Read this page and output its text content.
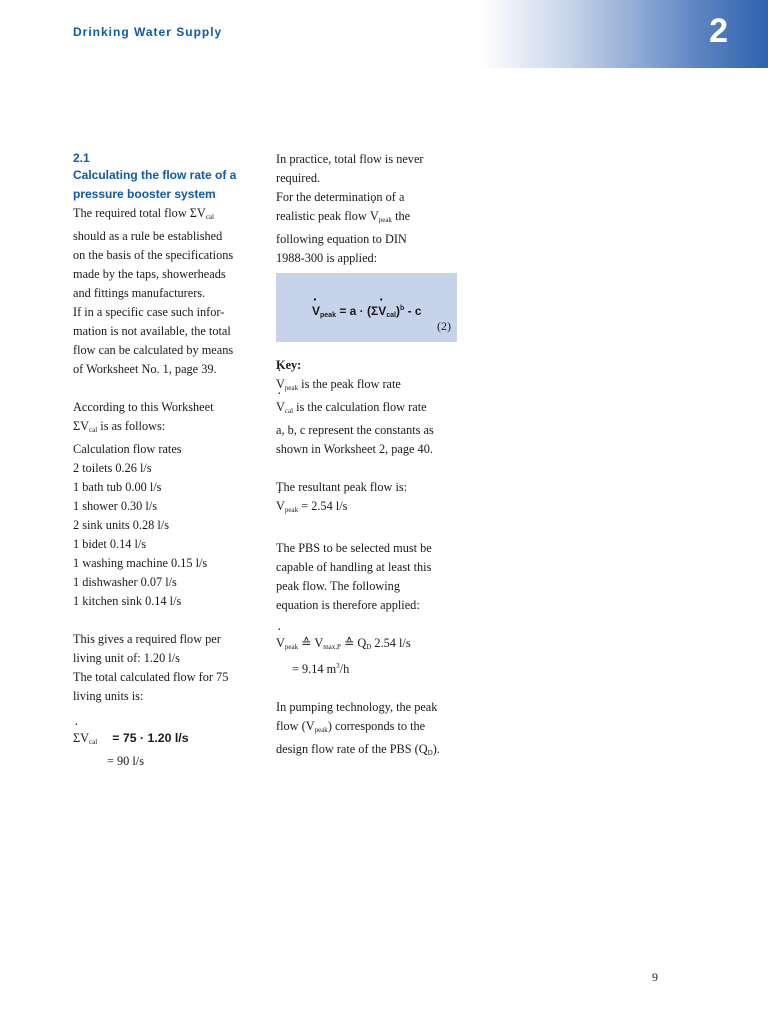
2
Drinking Water Supply
2.1
Calculating the flow rate of a
pressure booster system
The required total flow $\Sigma V_{cal}$
should as a rule be established
on the basis of the specifications
made by the taps, showerheads
and fittings manufacturers.
If in a specific case such infor-
mation is not available, the total
flow can be calculated by means
of Worksheet No. 1, page 39.
According to this Worksheet
$\Sigma V_{cal}$ is as follows:
Calculation flow rates
2 toilets 0.26 l/s
1 bath tub 0.00 l/s
1 shower 0.30 l/s
2 sink units 0.28 l/s
1 bidet 0.14 l/s
1 washing machine 0.15 l/s
1 dishwasher 0.07 l/s
1 kitchen sink 0.14 l/s
This gives a required flow per
living unit of: 1.20 l/s
The total calculated flow for 75
living units is:
· $\Sigma V_{cal} = 75 \cdot 1.20$ l/s
= 90 l/s
In practice, total flow is never
required.
For the determination of a
realistic peak flow · $V_{peak}$ the
following equation to DIN
1988-300 is applied:
· $V_{peak} = a \cdot (\Sigma\cdot V_{cal})^b - c$
(2)
Key:
· $V_{peak}$ is the peak flow rate
· $V_{cal}$ is the calculation flow rate
a, b, c represent the constants as
shown in Worksheet 2, page 40.
The resultant peak flow is:
· $V_{peak} = 2.54$ l/s
The PBS to be selected must be
capable of handling at least this
peak flow. The following
equation is therefore applied:
· $V_{peak}$ ≙ $V_{max,P}$ ≙ $Q_D$ 2.54 l/s
= 9.14 $m^3/h$
In pumping technology, the peak
flow $(V_{peak})$ corresponds to the
design flow rate of the PBS $(Q_D)$.
9
